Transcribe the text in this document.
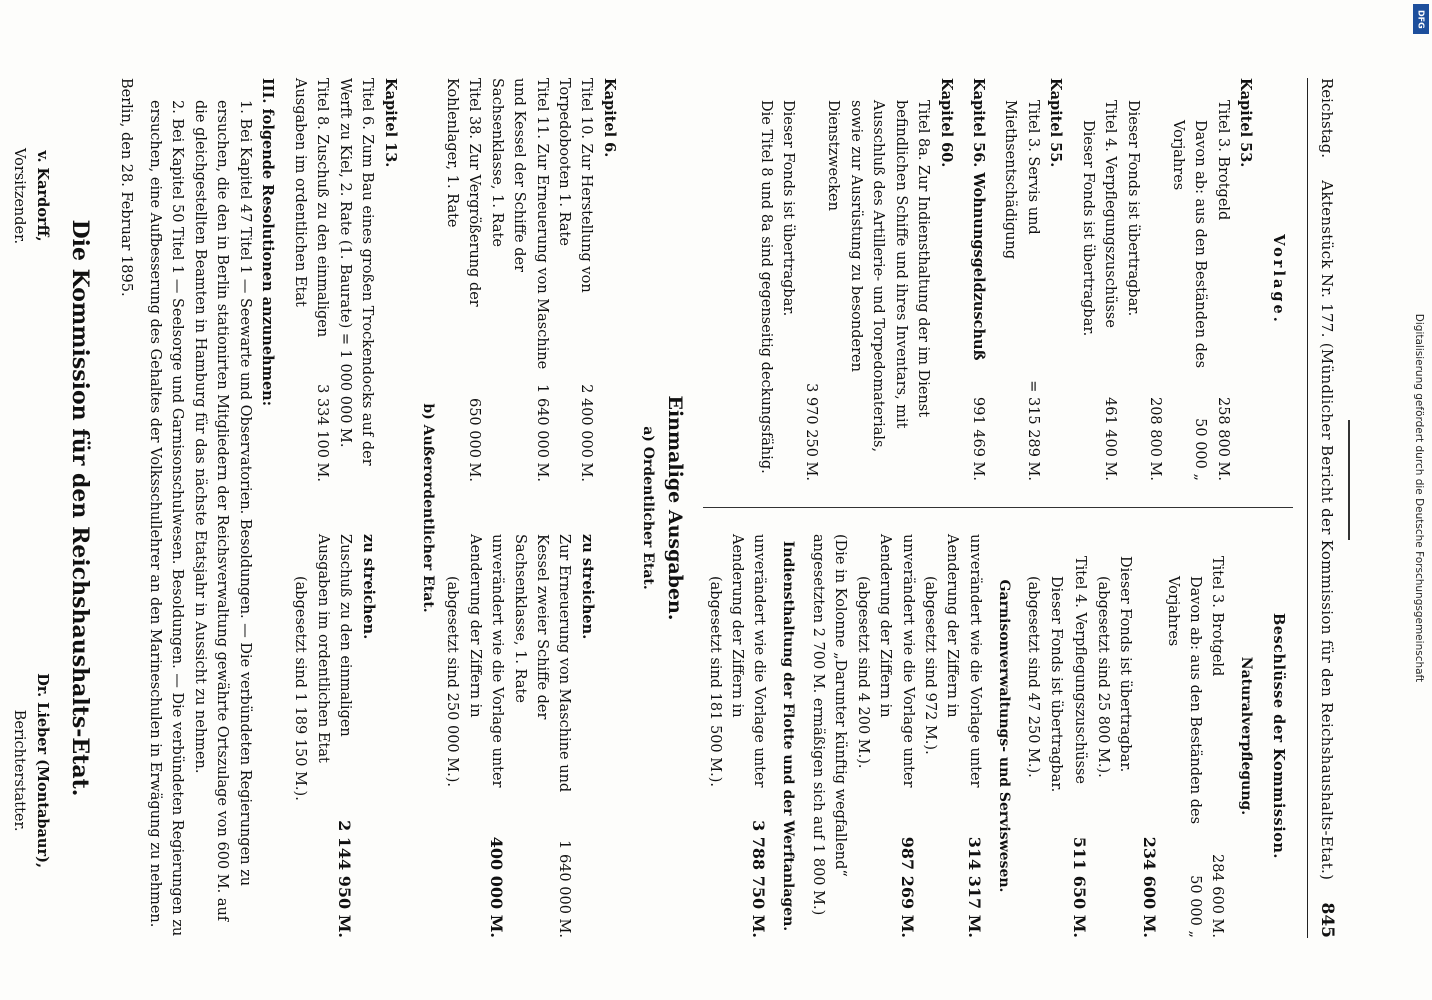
Reichstag.
Aktenstück Nr. 177. (Mündlicher Bericht der Kommission für den Reichshaushalts-Etat.)
845
Vorlage.
Kapitel 53.
Titel 3. Brotgeld
258 800 M.
Davon ab: aus den Beständen des Vorjahres
50 000 „
208 800 M.
Dieser Fonds ist übertragbar.
Titel 4. Verpflegungszuschüsse
461 400 M.
Dieser Fonds ist übertragbar.
Kapitel 55.
Titel 3. Servis und Miethsentschädigung
= 315 289 M.
Kapitel 56. Wohnungsgeldzuschuß
991 469 M.
Kapitel 60.
Titel 8a. Zur Indiensthaltung der im Dienst befindlichen Schiffe und ihres Inventars, mit Ausschluß des Artillerie- und Torpedomaterials, sowie zur Ausrüstung zu besonderen Dienstzwecken
3 970 250 M.
Dieser Fonds ist übertragbar.
Die Titel 8 und 8a sind gegenseitig deckungsfähig.
Beschlüsse der Kommission.
Naturalverpflegung.
Titel 3. Brotgeld
284 600 M.
Davon ab: aus den Beständen des Vorjahres
50 000 „
234 600 M.
Dieser Fonds ist übertragbar.
(abgesetzt sind 25 800 M.).
Titel 4. Verpflegungszuschüsse
511 650 M.
Dieser Fonds ist übertragbar.
(abgesetzt sind 47 250 M.).
Garnisonverwaltungs- und Serviswesen.
unverändert wie die Vorlage unter Aenderung der Ziffern in
314 317 M.
(abgesetzt sind 972 M.).
unverändert wie die Vorlage unter Aenderung der Ziffern in
987 269 M.
(abgesetzt sind 4 200 M.).
(Die in Kolonne „Darunter künftig wegfallend“ angesetzten 2 700 M. ermäßigen sich auf 1 800 M.)
Indiensthaltung der Flotte und der Werftanlagen.
unverändert wie die Vorlage unter Aenderung der Ziffern in
3 788 750 M.
(abgesetzt sind 181 500 M.).
Einmalige Ausgaben.
a) Ordentlicher Etat.
Kapitel 6.
Titel 10. Zur Herstellung von Torpedobooten 1. Rate
2 400 000 M.
Titel 11. Zur Erneuerung von Maschine und Kessel der Schiffe der Sachsenklasse, 1. Rate
1 640 000 M.
Titel 38. Zur Vergrößerung der Kohlenlager, 1. Rate
650 000 M.
zu streichen.
Zur Erneuerung von Maschine und Kessel zweier Schiffe der Sachsenklasse, 1. Rate
1 640 000 M.
unverändert wie die Vorlage unter Aenderung der Ziffern in
400 000 M.
(abgesetzt sind 250 000 M.).
b) Außerordentlicher Etat.
Kapitel 13.
Titel 6. Zum Bau eines großen Trockendocks auf der Werft zu Kiel, 2. Rate (1. Baurate) = 1 000 000 M.
Titel 8. Zuschuß zu den einmaligen Ausgaben im ordentlichen Etat
3 334 100 M.
zu streichen.
Zuschuß zu den einmaligen Ausgaben im ordentlichen Etat
2 144 950 M.
(abgesetzt sind 1 189 150 M.).
III. folgende Resolutionen anzunehmen:
1. Bei Kapitel 47 Titel 1 — Seewarte und Observatorien. Besoldungen. — Die verbündeten Regierungen zu ersuchen, die den in Berlin stationirten Mitgliedern der Reichsverwaltung gewährte Ortszulage von 600 M. auf die gleichgestellten Beamten in Hamburg für das nächste Etatsjahr in Aussicht zu nehmen.
2. Bei Kapitel 50 Titel 1 — Seelsorge und Garnisonschulwesen. Besoldungen. — Die verbündeten Regierungen zu ersuchen, eine Aufbesserung des Gehaltes der Volksschullehrer an den Marineschulen in Erwägung zu nehmen.
Berlin, den 28. Februar 1895.
Die Kommission für den Reichshaushalts-Etat.
v. Kardorff,
Vorsitzender.
Dr. Lieber (Montabaur),
Berichterstatter.
Digitalisierung gefördert durch die Deutsche Forschungsgemeinschaft
DFG
